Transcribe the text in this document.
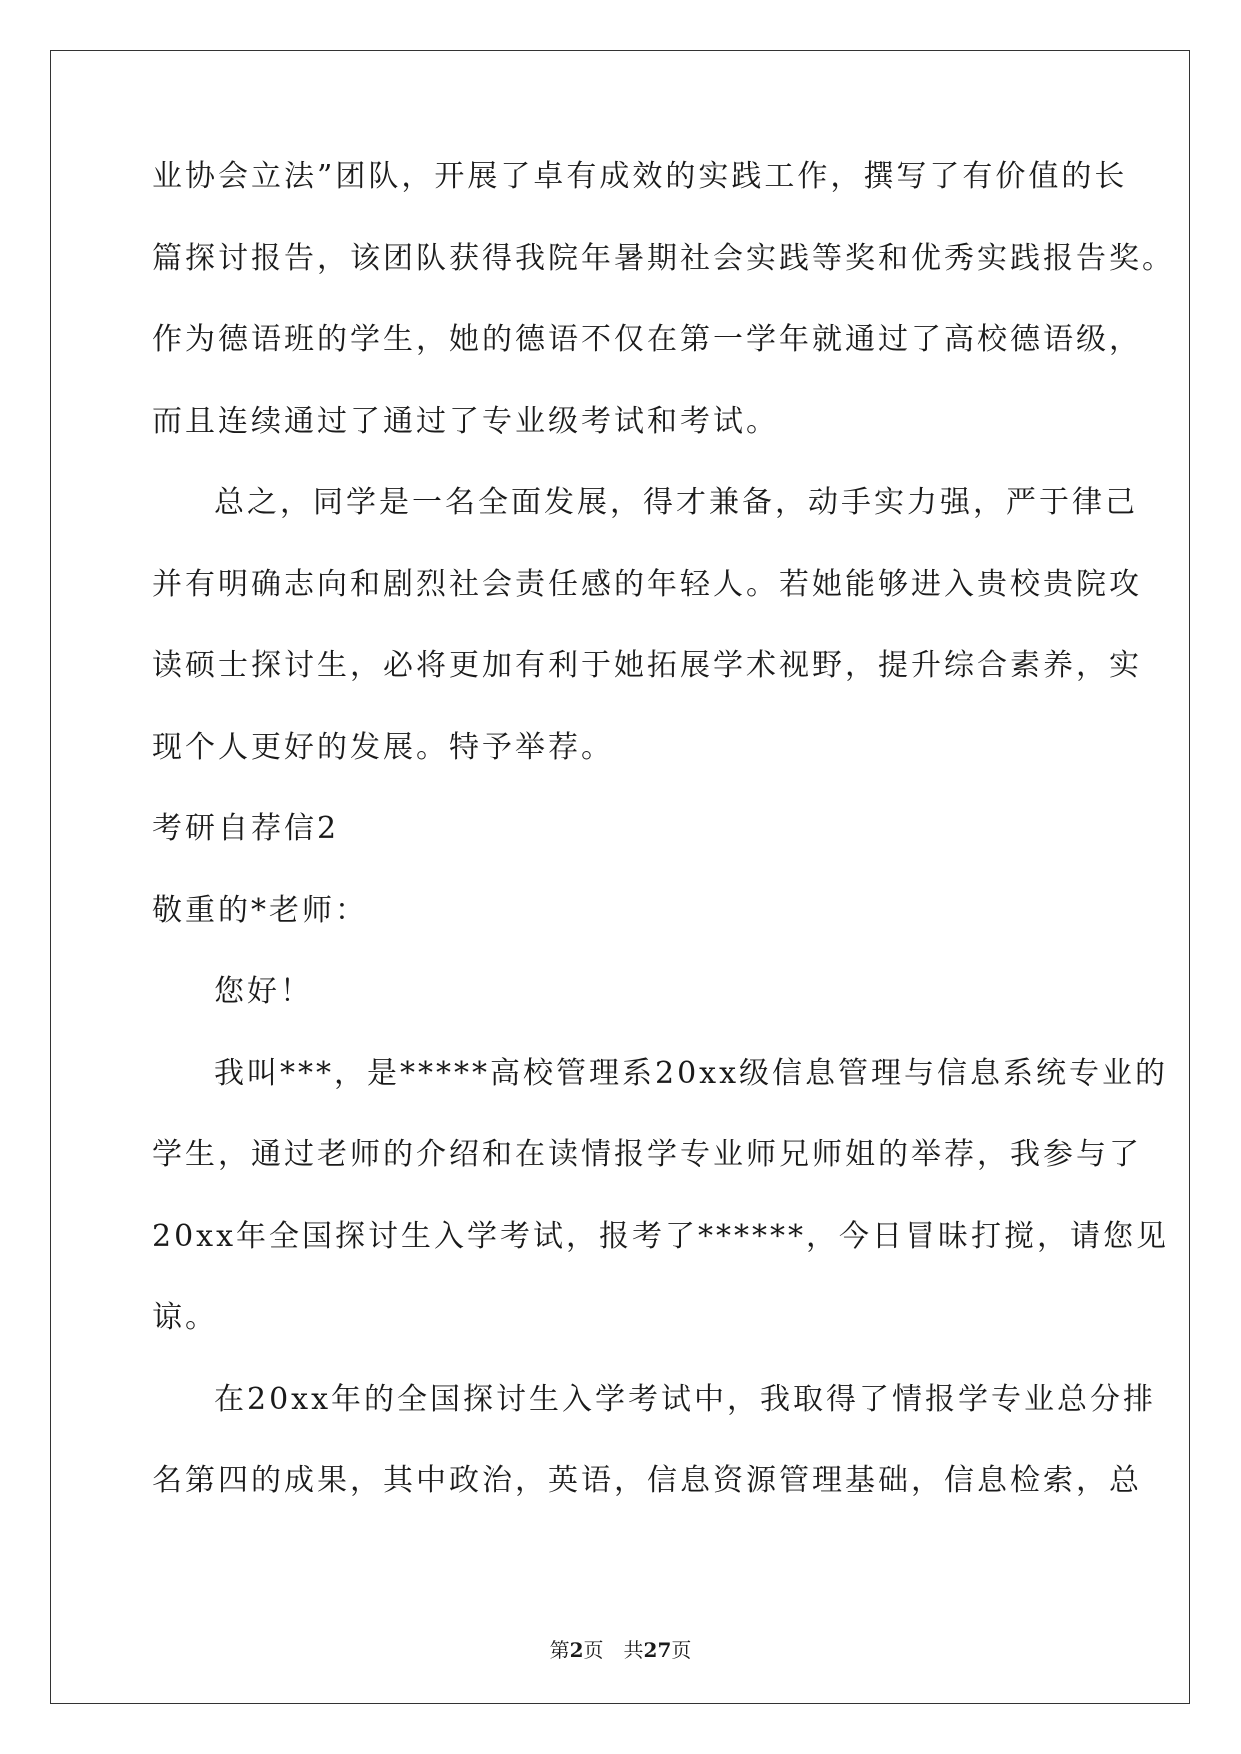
业协会立法”团队，开展了卓有成效的实践工作，撰写了有价值的长
篇探讨报告，该团队获得我院年暑期社会实践等奖和优秀实践报告奖。
作为德语班的学生，她的德语不仅在第一学年就通过了高校德语级，
而且连续通过了通过了专业级考试和考试。
总之，同学是一名全面发展，得才兼备，动手实力强，严于律己
并有明确志向和剧烈社会责任感的年轻人。若她能够进入贵校贵院攻
读硕士探讨生，必将更加有利于她拓展学术视野，提升综合素养，实
现个人更好的发展。特予举荐。
考研自荐信2
敬重的*老师：
您好！
我叫***，是*****高校管理系20xx级信息管理与信息系统专业的
学生，通过老师的介绍和在读情报学专业师兄师姐的举荐，我参与了
20xx年全国探讨生入学考试，报考了******，今日冒昧打搅，请您见
谅。
在20xx年的全国探讨生入学考试中，我取得了情报学专业总分排
名第四的成果，其中政治，英语，信息资源管理基础，信息检索，总
第2页　共27页
